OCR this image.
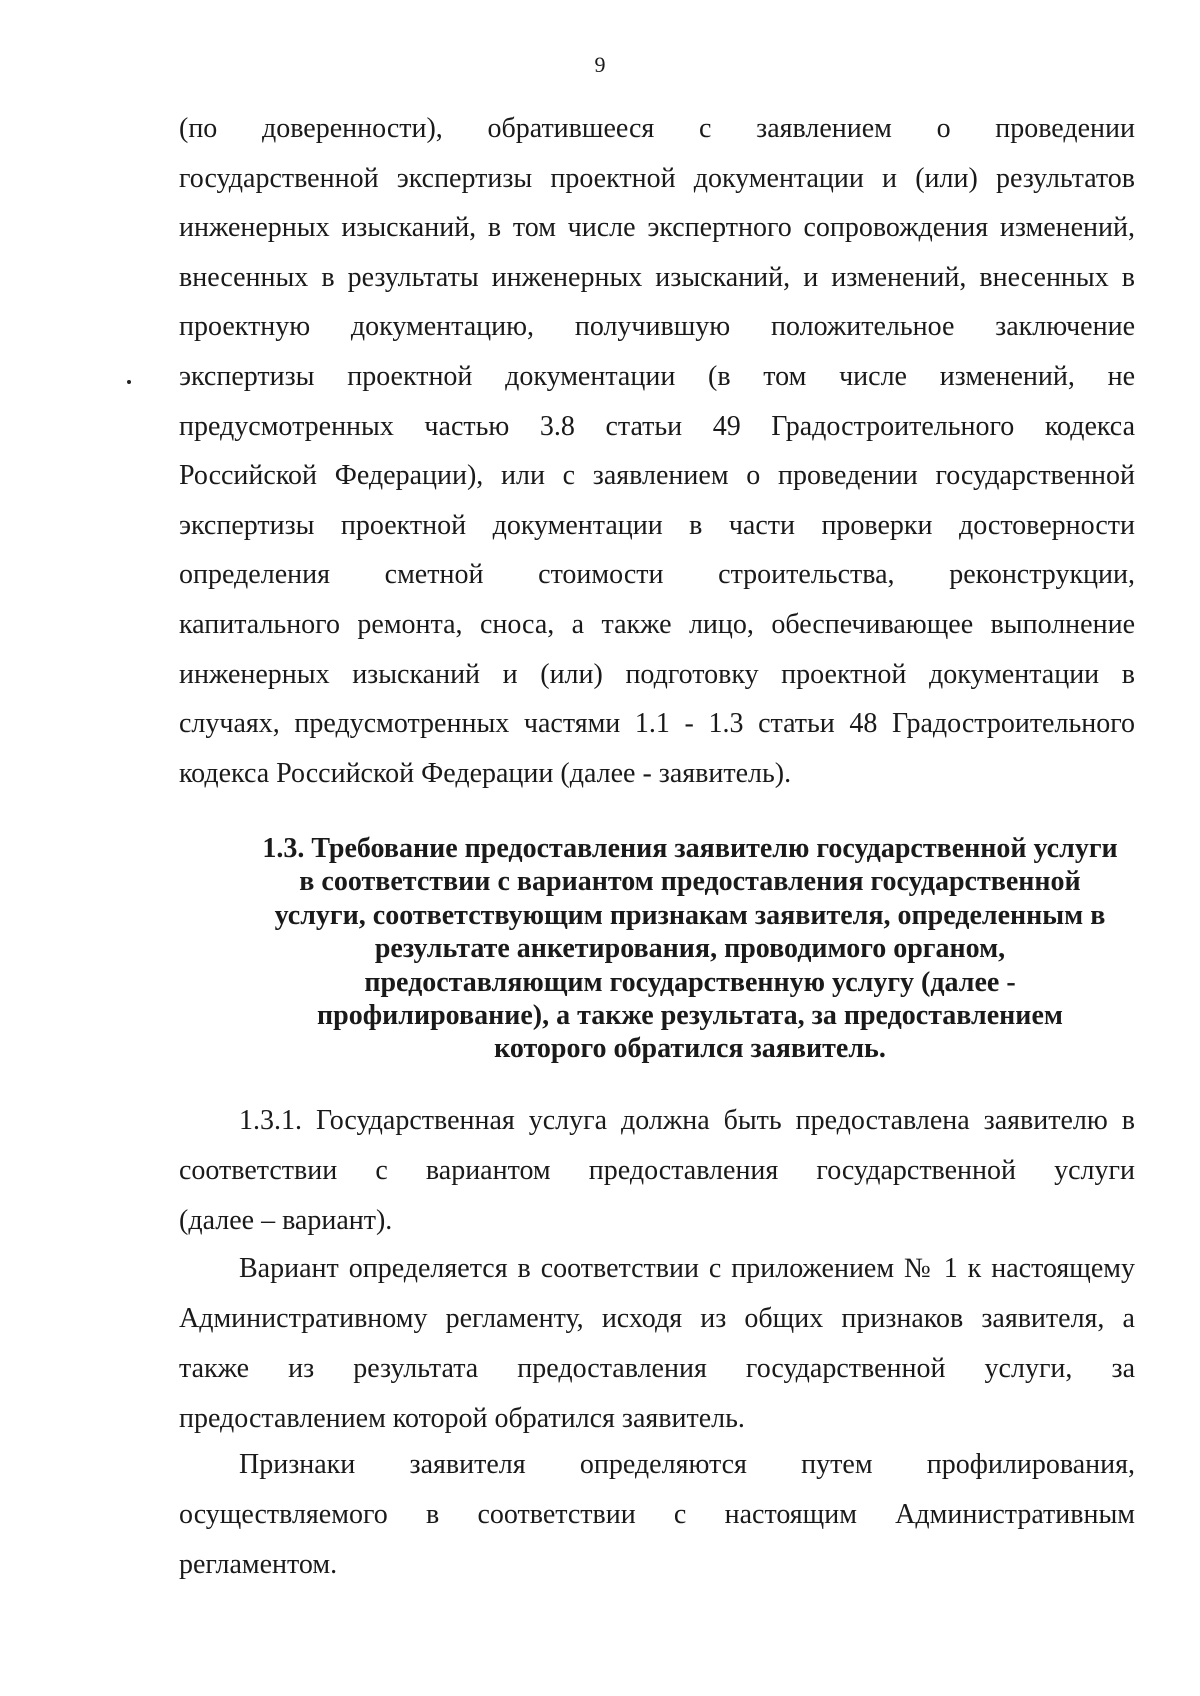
9
(по доверенности), обратившееся с заявлением о проведении
государственной экспертизы проектной документации и (или) результатов
инженерных изысканий, в том числе экспертного сопровождения изменений,
внесенных в результаты инженерных изысканий, и изменений, внесенных в
проектную документацию, получившую положительное заключение
экспертизы проектной документации (в том числе изменений, не
предусмотренных частью 3.8 статьи 49 Градостроительного кодекса
Российской Федерации), или с заявлением о проведении государственной
экспертизы проектной документации в части проверки достоверности
определения сметной стоимости строительства, реконструкции,
капитального ремонта, сноса, а также лицо, обеспечивающее выполнение
инженерных изысканий и (или) подготовку проектной документации в
случаях, предусмотренных частями 1.1 - 1.3 статьи 48 Градостроительного
кодекса Российской Федерации (далее - заявитель).
1.3. Требование предоставления заявителю государственной услуги
в соответствии с вариантом предоставления государственной
услуги, соответствующим признакам заявителя, определенным в
результате анкетирования, проводимого органом,
предоставляющим государственную услугу (далее -
профилирование), а также результата, за предоставлением
которого обратился заявитель.
1.3.1. Государственная услуга должна быть предоставлена заявителю в
соответствии с вариантом предоставления государственной услуги
(далее – вариант).
Вариант определяется в соответствии с приложением № 1 к настоящему
Административному регламенту, исходя из общих признаков заявителя, а
также из результата предоставления государственной услуги, за
предоставлением которой обратился заявитель.
Признаки заявителя определяются путем профилирования,
осуществляемого в соответствии с настоящим Административным
регламентом.
